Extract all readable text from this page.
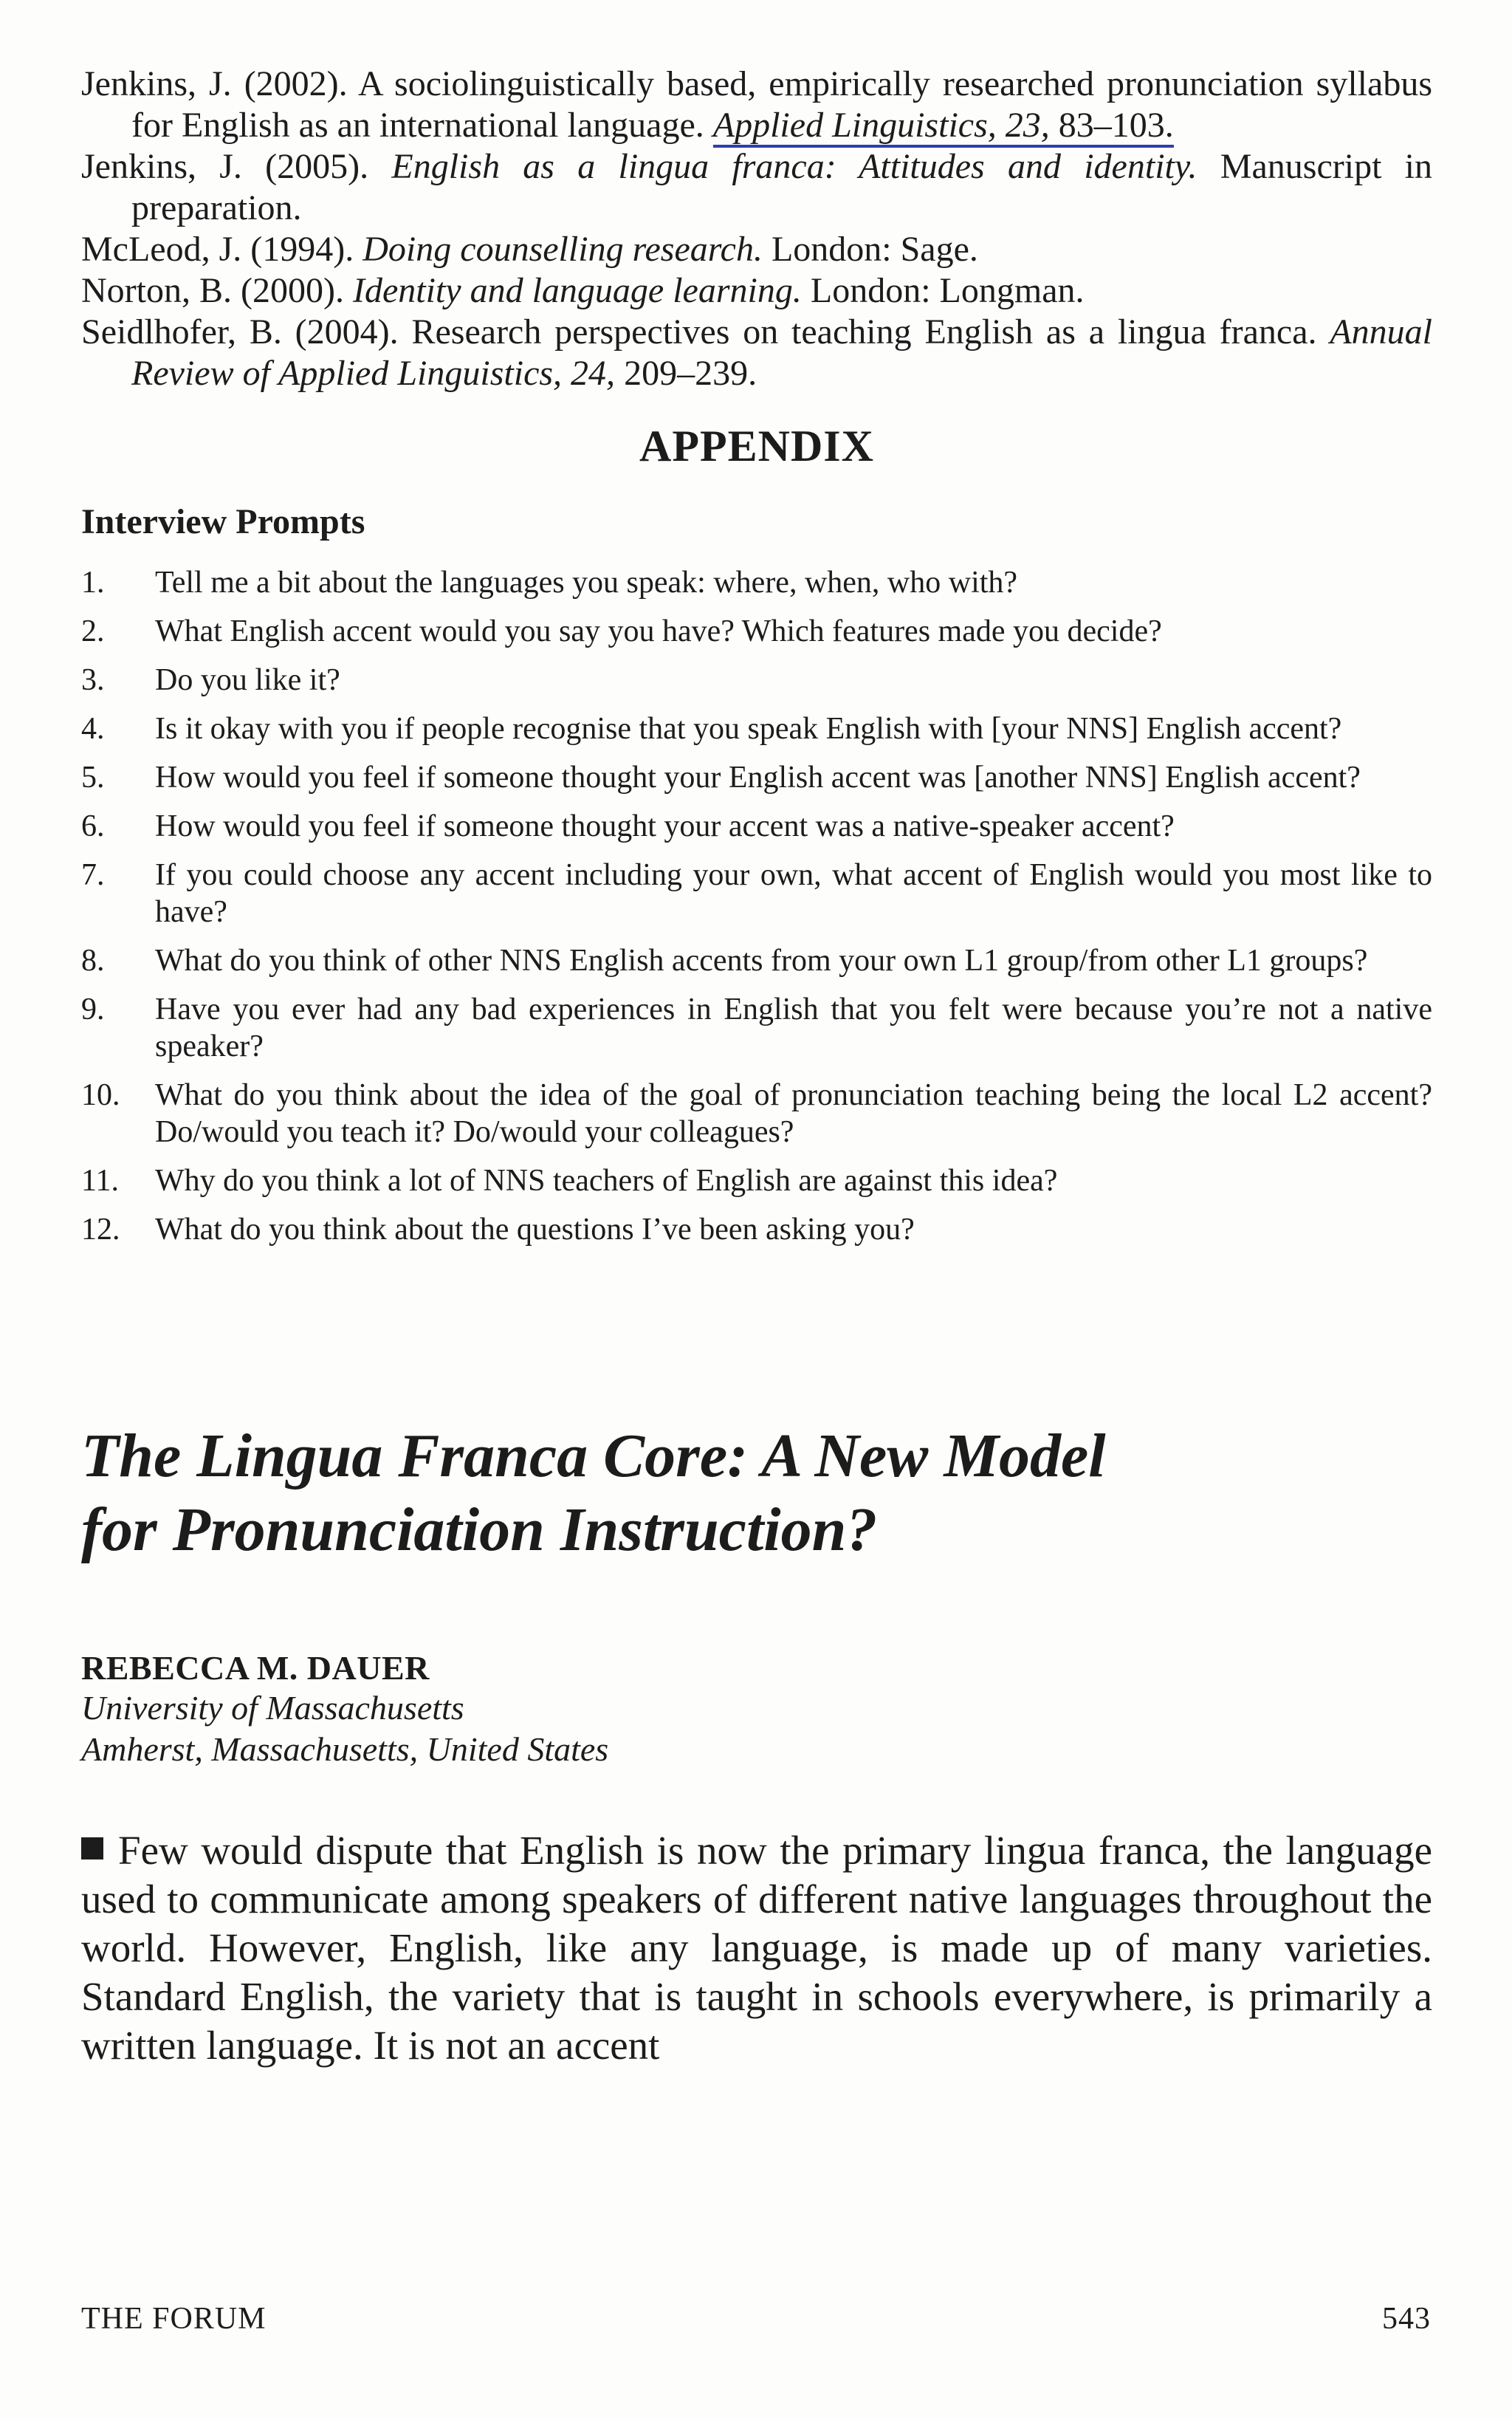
Jenkins, J. (2002). A sociolinguistically based, empirically researched pronunciation syllabus for English as an international language. Applied Linguistics, 23, 83–103.
Jenkins, J. (2005). English as a lingua franca: Attitudes and identity. Manuscript in preparation.
McLeod, J. (1994). Doing counselling research. London: Sage.
Norton, B. (2000). Identity and language learning. London: Longman.
Seidlhofer, B. (2004). Research perspectives on teaching English as a lingua franca. Annual Review of Applied Linguistics, 24, 209–239.
APPENDIX
Interview Prompts
1.	Tell me a bit about the languages you speak: where, when, who with?
2.	What English accent would you say you have? Which features made you decide?
3.	Do you like it?
4.	Is it okay with you if people recognise that you speak English with [your NNS] English accent?
5.	How would you feel if someone thought your English accent was [another NNS] English accent?
6.	How would you feel if someone thought your accent was a native-speaker accent?
7.	If you could choose any accent including your own, what accent of English would you most like to have?
8.	What do you think of other NNS English accents from your own L1 group/from other L1 groups?
9.	Have you ever had any bad experiences in English that you felt were because you’re not a native speaker?
10. What do you think about the idea of the goal of pronunciation teaching being the local L2 accent? Do/would you teach it? Do/would your colleagues?
11. Why do you think a lot of NNS teachers of English are against this idea?
12. What do you think about the questions I’ve been asking you?
The Lingua Franca Core: A New Model
for Pronunciation Instruction?
REBECCA M. DAUER
University of Massachusetts
Amherst, Massachusetts, United States
Few would dispute that English is now the primary lingua franca, the language used to communicate among speakers of different native languages throughout the world. However, English, like any language, is made up of many varieties. Standard English, the variety that is taught in schools everywhere, is primarily a written language. It is not an accent
THE FORUM	543
